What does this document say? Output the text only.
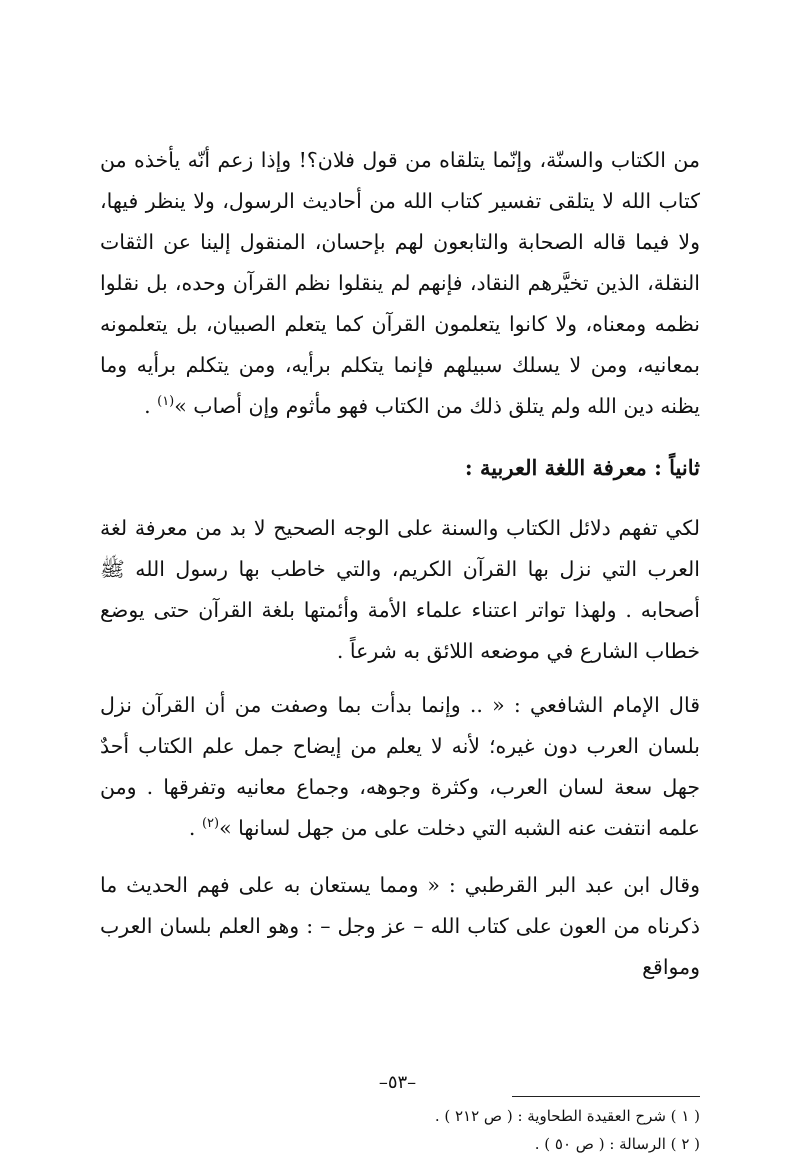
من الكتاب والسنّة، وإنّما يتلقاه من قول فلان؟! وإذا زعم أنّه يأخذه من كتاب الله لا يتلقى تفسير كتاب الله من أحاديث الرسول، ولا ينظر فيها، ولا فيما قاله الصحابة والتابعون لهم بإحسان، المنقول إلينا عن الثقات النقلة، الذين تخيَّرهم النقاد، فإنهم لم ينقلوا نظم القرآن وحده، بل نقلوا نظمه ومعناه، ولا كانوا يتعلمون القرآن كما يتعلم الصبيان، بل يتعلمونه بمعانيه، ومن لا يسلك سبيلهم فإنما يتكلم برأيه، ومن يتكلم برأيه وما يظنه دين الله ولم يتلق ذلك من الكتاب فهو مأثوم وإن أصاب »$^{(١)}$ .

لكي تفهم دلائل الكتاب والسنة على الوجه الصحيح لا بد من معرفة لغة العرب التي نزل بها القرآن الكريم، والتي خاطب بها رسول الله ﷺ أصحابه . ولهذا تواتر اعتناء علماء الأمة وأئمتها بلغة القرآن حتى يوضع خطاب الشارع في موضعه اللائق به شرعاً .

قال الإمام الشافعي : « .. وإنما بدأت بما وصفت من أن القرآن نزل بلسان العرب دون غيره؛ لأنه لا يعلم من إيضاح جمل علم الكتاب أحدٌ جهل سعة لسان العرب، وكثرة وجوهه، وجماع معانيه وتفرقها . ومن علمه انتفت عنه الشبه التي دخلت على من جهل لسانها »$^{(٢)}$ .

وقال ابن عبد البر القرطبي : « ومما يستعان به على فهم الحديث ما ذكرناه من العون على كتاب الله – عز وجل – : وهو العلم بلسان العرب ومواقع

( ١ ) شرح العقيدة الطحاوية : ( ص ٢١٢ ) .

( ٢ ) الرسالة : ( ص ٥٠ ) .

ثانياً : معرفة اللغة العربية :

–٥٣–
